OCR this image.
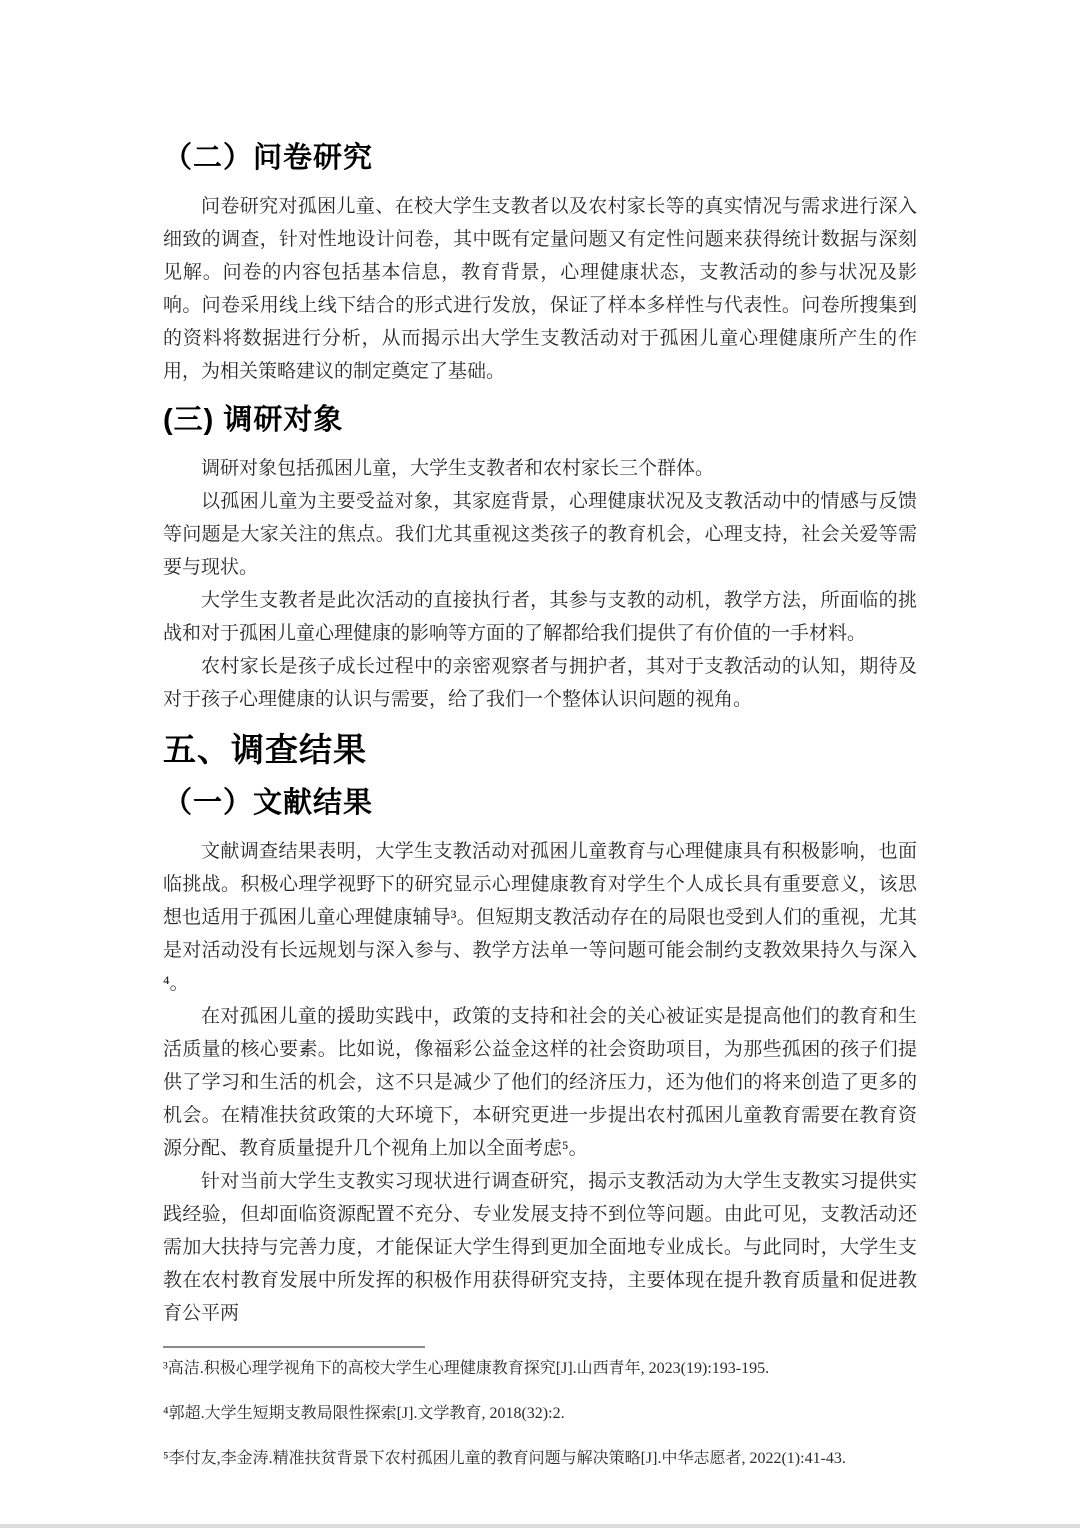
（二）问卷研究

问卷研究对孤困儿童、在校大学生支教者以及农村家长等的真实情况与需求进行深入细致的调查，针对性地设计问卷，其中既有定量问题又有定性问题来获得统计数据与深刻见解。问卷的内容包括基本信息，教育背景，心理健康状态，支教活动的参与状况及影响。问卷采用线上线下结合的形式进行发放，保证了样本多样性与代表性。问卷所搜集到的资料将数据进行分析，从而揭示出大学生支教活动对于孤困儿童心理健康所产生的作用，为相关策略建议的制定奠定了基础。

(三) 调研对象

调研对象包括孤困儿童，大学生支教者和农村家长三个群体。

以孤困儿童为主要受益对象，其家庭背景，心理健康状况及支教活动中的情感与反馈等问题是大家关注的焦点。我们尤其重视这类孩子的教育机会，心理支持，社会关爱等需要与现状。

大学生支教者是此次活动的直接执行者，其参与支教的动机，教学方法，所面临的挑战和对于孤困儿童心理健康的影响等方面的了解都给我们提供了有价值的一手材料。

农村家长是孩子成长过程中的亲密观察者与拥护者，其对于支教活动的认知，期待及对于孩子心理健康的认识与需要，给了我们一个整体认识问题的视角。

五、调查结果
（一）文献结果

文献调查结果表明，大学生支教活动对孤困儿童教育与心理健康具有积极影响，也面临挑战。积极心理学视野下的研究显示心理健康教育对学生个人成长具有重要意义，该思想也适用于孤困儿童心理健康辅导³。但短期支教活动存在的局限也受到人们的重视，尤其是对活动没有长远规划与深入参与、教学方法单一等问题可能会制约支教效果持久与深入⁴。

在对孤困儿童的援助实践中，政策的支持和社会的关心被证实是提高他们的教育和生活质量的核心要素。比如说，像福彩公益金这样的社会资助项目，为那些孤困的孩子们提供了学习和生活的机会，这不只是减少了他们的经济压力，还为他们的将来创造了更多的机会。在精准扶贫政策的大环境下，本研究更进一步提出农村孤困儿童教育需要在教育资源分配、教育质量提升几个视角上加以全面考虑⁵。

针对当前大学生支教实习现状进行调查研究，揭示支教活动为大学生支教实习提供实践经验，但却面临资源配置不充分、专业发展支持不到位等问题。由此可见，支教活动还需加大扶持与完善力度，才能保证大学生得到更加全面地专业成长。与此同时，大学生支教在农村教育发展中所发挥的积极作用获得研究支持，主要体现在提升教育质量和促进教育公平两

³高洁.积极心理学视角下的高校大学生心理健康教育探究[J].山西青年, 2023(19):193-195.

⁴郭超.大学生短期支教局限性探索[J].文学教育, 2018(32):2.

⁵李付友,李金涛.精准扶贫背景下农村孤困儿童的教育问题与解决策略[J].中华志愿者, 2022(1):41-43.
